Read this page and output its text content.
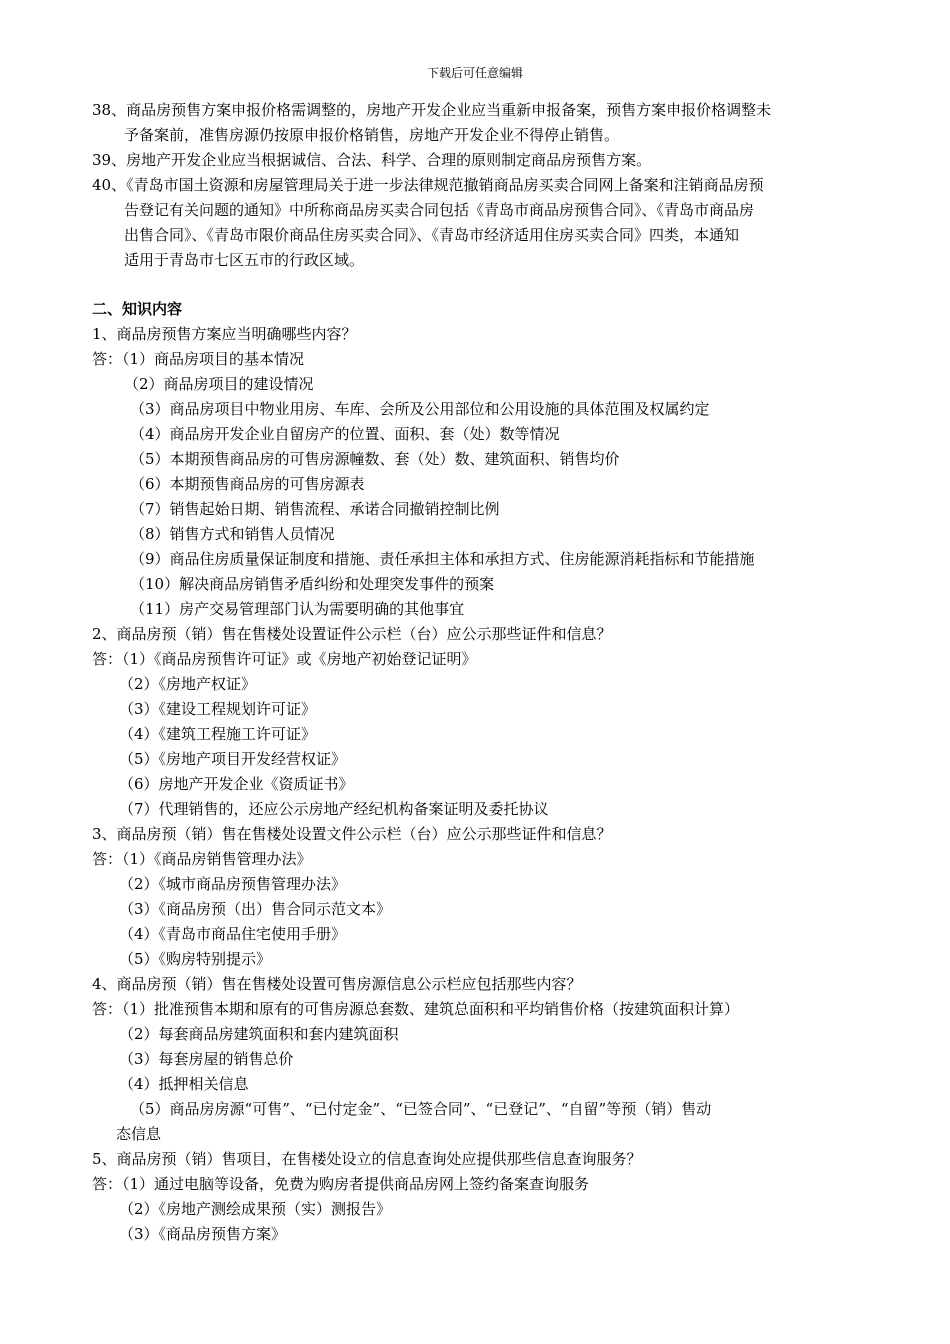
下载后可任意编辑
38、商品房预售方案申报价格需调整的，房地产开发企业应当重新申报备案，预售方案申报价格调整未
予备案前，准售房源仍按原申报价格销售，房地产开发企业不得停止销售。
39、房地产开发企业应当根据诚信、合法、科学、合理的原则制定商品房预售方案。
40、《青岛市国土资源和房屋管理局关于进一步法律规范撤销商品房买卖合同网上备案和注销商品房预
告登记有关问题的通知》中所称商品房买卖合同包括《青岛市商品房预售合同》、《青岛市商品房
出售合同》、《青岛市限价商品住房买卖合同》、《青岛市经济适用住房买卖合同》四类，本通知
适用于青岛市七区五市的行政区域。
二、知识内容
1、商品房预售方案应当明确哪些内容？
答：（1）商品房项目的基本情况
（2）商品房项目的建设情况
（3）商品房项目中物业用房、车库、会所及公用部位和公用设施的具体范围及权属约定
（4）商品房开发企业自留房产的位置、面积、套（处）数等情况
（5）本期预售商品房的可售房源幢数、套（处）数、建筑面积、销售均价
（6）本期预售商品房的可售房源表
（7）销售起始日期、销售流程、承诺合同撤销控制比例
（8）销售方式和销售人员情况
（9）商品住房质量保证制度和措施、责任承担主体和承担方式、住房能源消耗指标和节能措施
（10）解决商品房销售矛盾纠纷和处理突发事件的预案
（11）房产交易管理部门认为需要明确的其他事宜
2、商品房预（销）售在售楼处设置证件公示栏（台）应公示那些证件和信息？
答：（1）《商品房预售许可证》或《房地产初始登记证明》
（2）《房地产权证》
（3）《建设工程规划许可证》
（4）《建筑工程施工许可证》
（5）《房地产项目开发经营权证》
（6）房地产开发企业《资质证书》
（7）代理销售的，还应公示房地产经纪机构备案证明及委托协议
3、商品房预（销）售在售楼处设置文件公示栏（台）应公示那些证件和信息？
答：（1）《商品房销售管理办法》
（2）《城市商品房预售管理办法》
（3）《商品房预（出）售合同示范文本》
（4）《青岛市商品住宅使用手册》
（5）《购房特别提示》
4、商品房预（销）售在售楼处设置可售房源信息公示栏应包括那些内容？
答：（1）批准预售本期和原有的可售房源总套数、建筑总面积和平均销售价格（按建筑面积计算）
（2）每套商品房建筑面积和套内建筑面积
（3）每套房屋的销售总价
（4）抵押相关信息
（5）商品房房源“可售”、“已付定金”、“已签合同”、“已登记”、“自留”等预（销）售动
态信息
5、商品房预（销）售项目，在售楼处设立的信息查询处应提供那些信息查询服务？
答：（1）通过电脑等设备，免费为购房者提供商品房网上签约备案查询服务
（2）《房地产测绘成果预（实）测报告》
（3）《商品房预售方案》
